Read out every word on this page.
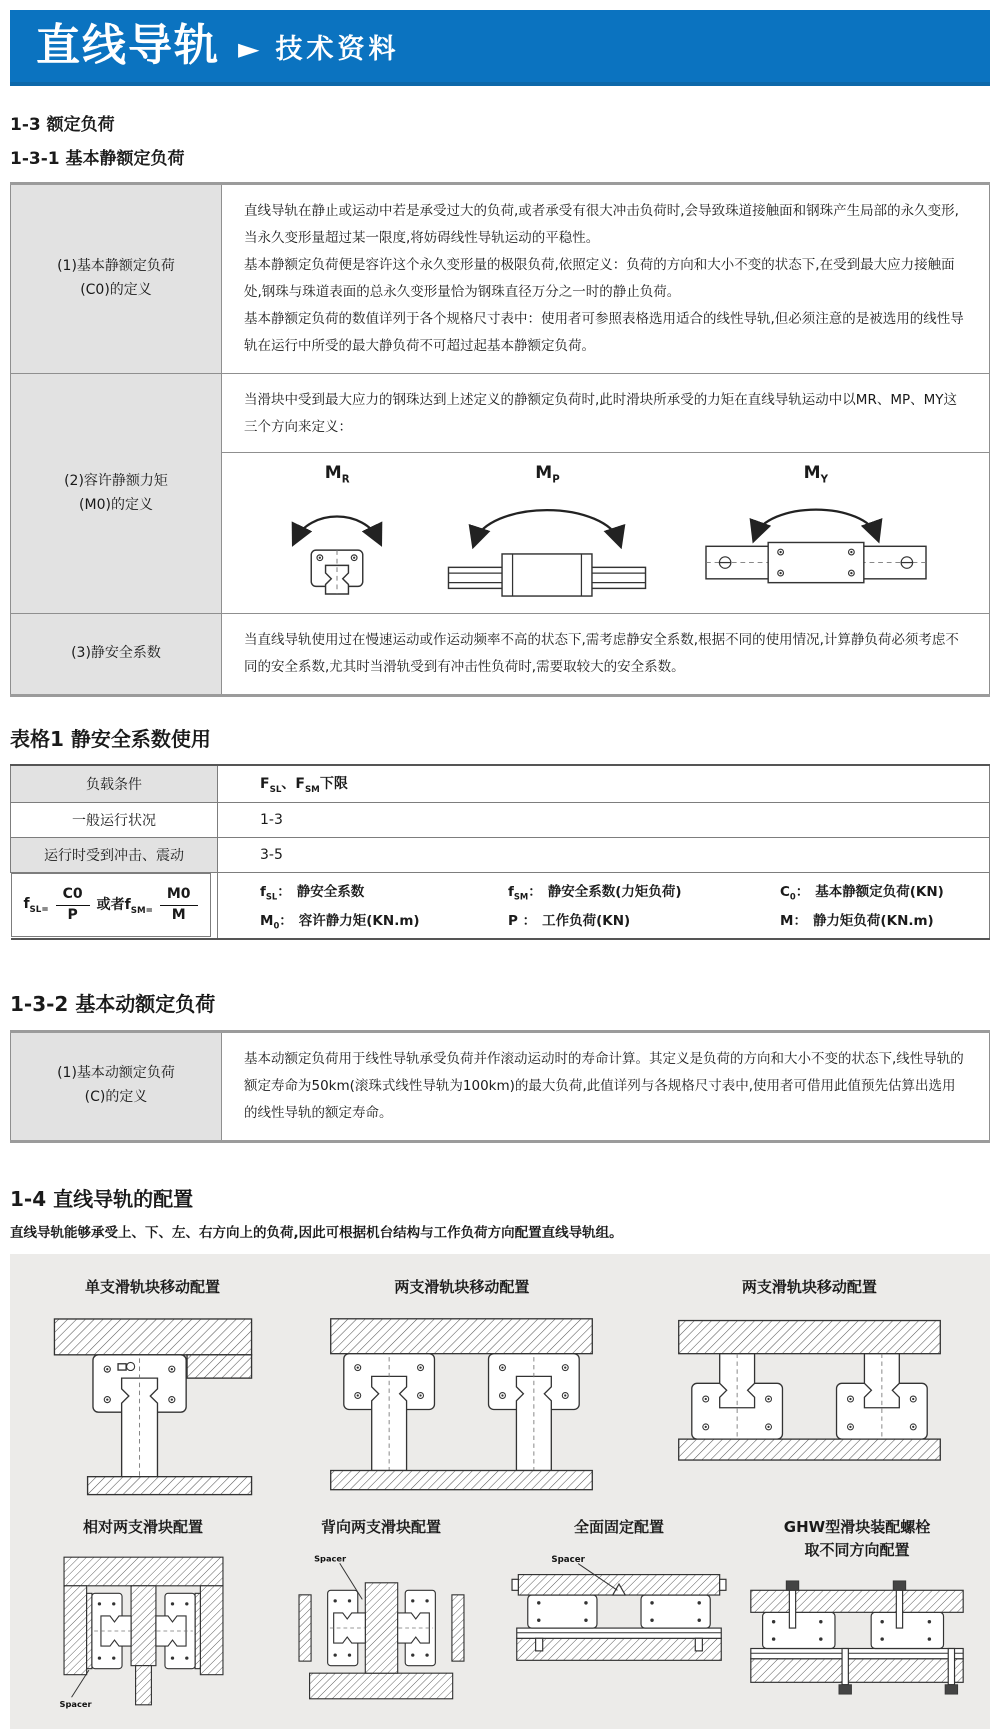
直线导轨 ► 技术资料
1-3 额定负荷
1-3-1 基本静额定负荷
(1)基本静额定负荷
(C0)的定义

直线导轨在静止或运动中若是承受过大的负荷,或者承受有很大冲击负荷时,会导致珠道接触面和钢珠产生局部的永久变形,当永久变形量超过某一限度,将妨碍线性导轨运动的平稳性。

基本静额定负荷便是容许这个永久变形量的极限负荷,依照定义：负荷的方向和大小不变的状态下,在受到最大应力接触面处,钢珠与珠道表面的总永久变形量恰为钢珠直径万分之一时的静止负荷。

基本静额定负荷的数值详列于各个规格尺寸表中：使用者可参照表格选用适合的线性导轨,但必须注意的是被选用的线性导轨在运行中所受的最大静负荷不可超过起基本静额定负荷。

(2)容许静额力矩
(M0)的定义

当滑块中受到最大应力的钢珠达到上述定义的静额定负荷时,此时滑块所承受的力矩在直线导轨运动中以MR、MP、MY这三个方向来定义：

$M_R$	$M_P$	$M_Y$

(3)静安全系数	当直线导轨使用过在慢速运动或作运动频率不高的状态下,需考虑静安全系数,根据不同的使用情况,计算静负荷必须考虑不同的安全系数,尤其时当滑轨受到有冲击性负荷时,需要取较大的安全系数。

表格1 静安全系数使用
负载条件	$F_{SL}$、$F_{SM}$下限
一般运行状况	1-3
运行时受到冲击、震动	3-5

$f_{SL=} \frac{C0}{P}$ 或者$f_{SM=} \frac{M0}{M}$	$f_{SL}$： 静安全系数	$f_{SM}$： 静安全系数(力矩负荷)	$C_0$： 基本静额定负荷(KN)
$M_0$： 容许静力矩(KN.m)	P ： 工作负荷(KN)	M： 静力矩负荷(KN.m)
1-3-2 基本动额定负荷
(1)基本动额定负荷
(C)的定义

基本动额定负荷用于线性导轨承受负荷并作滚动运动时的寿命计算。其定义是负荷的方向和大小不变的状态下,线性导轨的额定寿命为50km(滚珠式线性导轨为100km)的最大负荷,此值详列与各规格尺寸表中,使用者可借用此值预先估算出选用的线性导轨的额定寿命。

1-4 直线导轨的配置

直线导轨能够承受上、下、左、右方向上的负荷,因此可根据机台结构与工作负荷方向配置直线导轨组。

单支滑轨块移动配置	两支滑轨块移动配置	两支滑轨块移动配置
相对两支滑块配置
Spacer
背向两支滑块配置
Spacer
全面固定配置
Spacer
GHW型滑块装配螺栓
取不同方向配置
